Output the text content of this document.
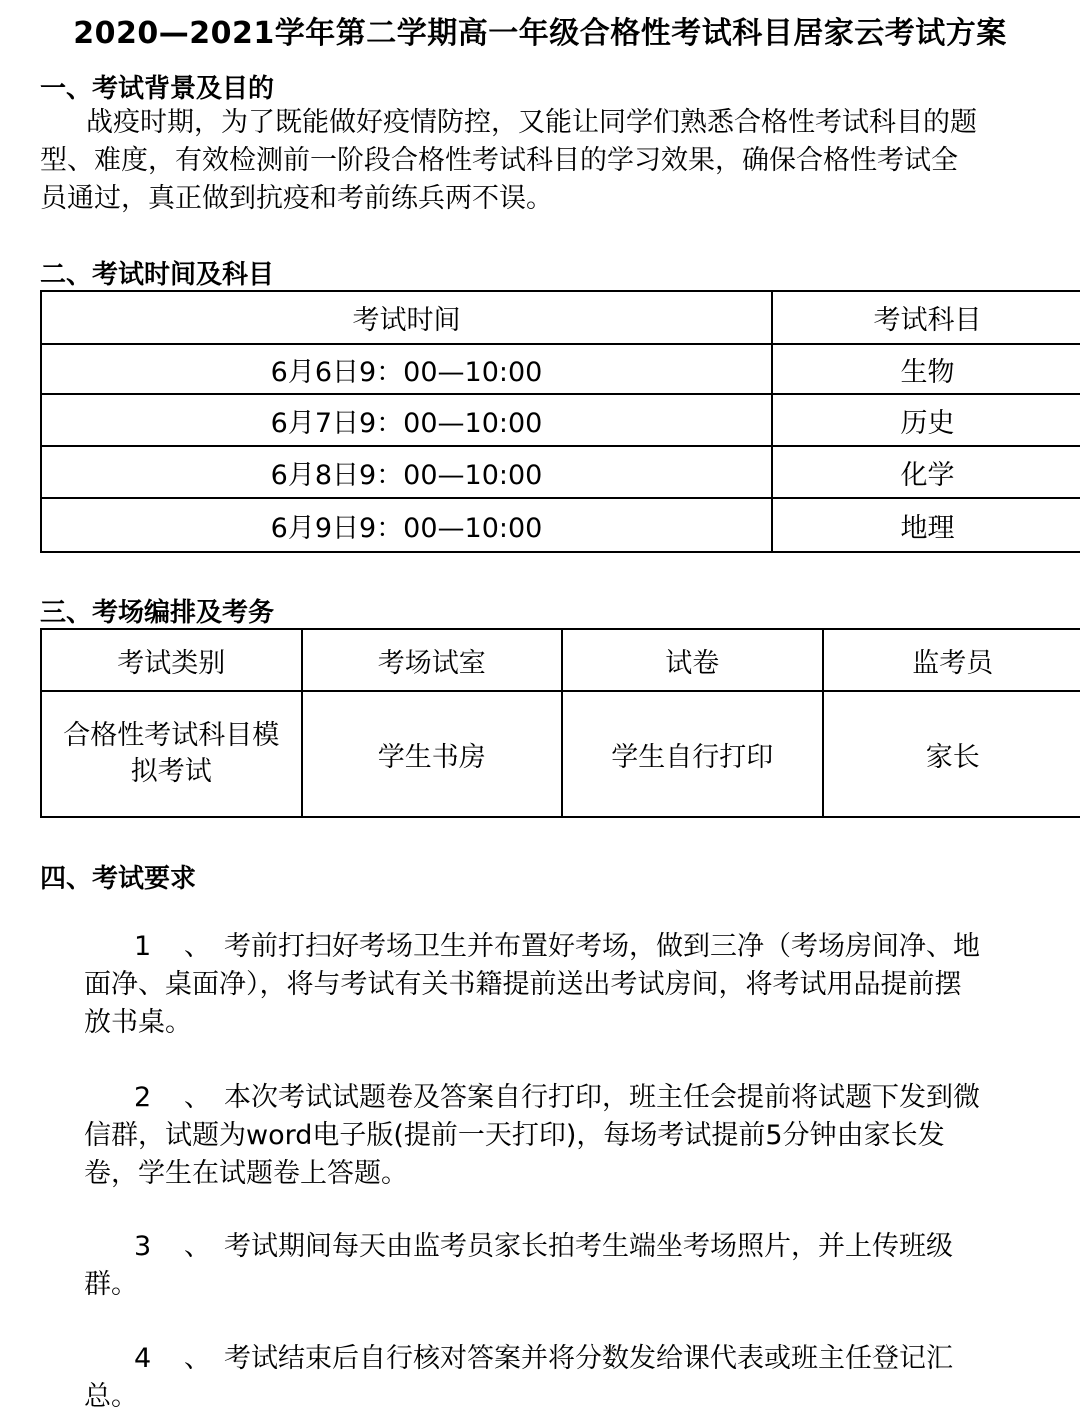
2020—2021学年第二学期高一年级合格性考试科目居家云考试方案
一、考试背景及目的
战疫时期，为了既能做好疫情防控，又能让同学们熟悉合格性考试科目的题
型、难度，有效检测前一阶段合格性考试科目的学习效果，确保合格性考试全
员通过，真正做到抗疫和考前练兵两不误。
二、考试时间及科目
考试时间	考试科目
6月6日9：00—10:00	生物
6月7日9：00—10:00	历史
6月8日9：00—10:00	化学
6月9日9：00—10:00	地理
三、考场编排及考务
考试类别	考场试室	试卷	监考员

合格性考试科目模
拟考试	学生书房	学生自行打印	家长
四、考试要求
1 、 考前打扫好考场卫生并布置好考场，做到三净（考场房间净、地
面净、桌面净），将与考试有关书籍提前送出考试房间，将考试用品提前摆
放书桌。
2 、 本次考试试题卷及答案自行打印，班主任会提前将试题下发到微
信群，试题为word电子版(提前一天打印)，每场考试提前5分钟由家长发
卷，学生在试题卷上答题。
3 、 考试期间每天由监考员家长拍考生端坐考场照片，并上传班级
群。
4 、 考试结束后自行核对答案并将分数发给课代表或班主任登记汇
总。
